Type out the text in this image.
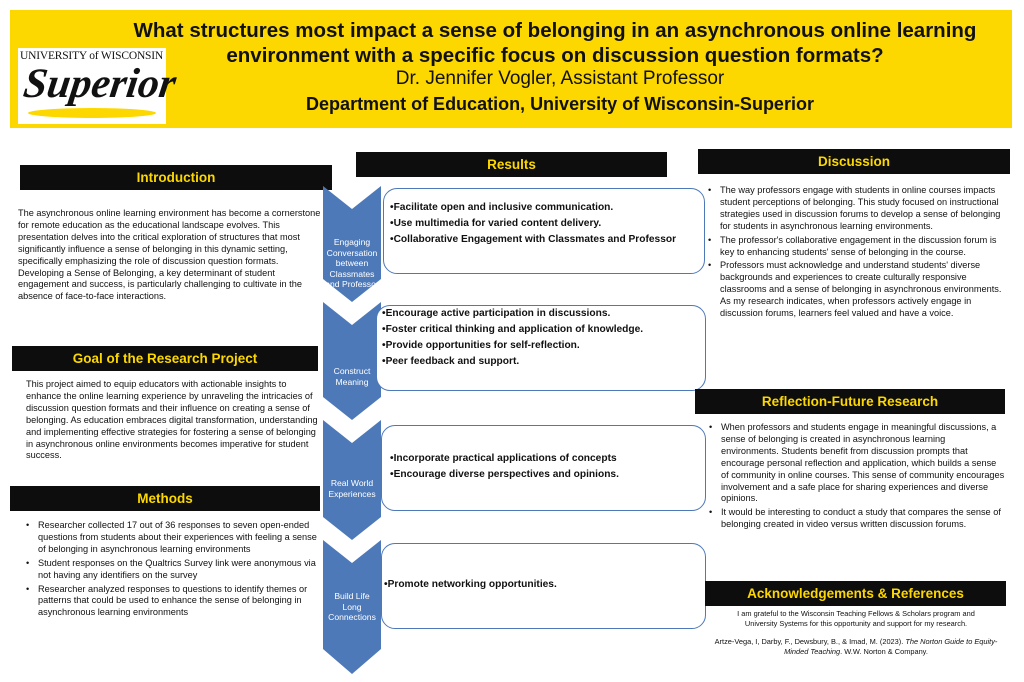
UNIVERSITY of WISCONSIN
Superior
What structures most impact a sense of belonging in an asynchronous online learning environment with a specific focus on discussion question formats?
Dr. Jennifer Vogler, Assistant Professor
Department of Education, University of Wisconsin-Superior
Introduction
The asynchronous online learning environment has become a cornerstone for remote education as the educational landscape evolves. This presentation delves into the critical exploration of structures that most significantly influence a sense of belonging in this dynamic setting, specifically emphasizing the role of discussion question formats. Developing a Sense of Belonging, a key determinant of student engagement and success, is particularly challenging to cultivate in the absence of face-to-face interactions.
Goal of the Research Project
This project aimed to equip educators with actionable insights to enhance the online learning experience by unraveling the intricacies of discussion question formats and their influence on creating a sense of belonging. As education embraces digital transformation, understanding and implementing effective strategies for fostering a sense of belonging in asynchronous online environments becomes imperative for student success.
Methods
• Researcher collected 17 out of 36 responses to seven open-ended questions from students about their experiences with feeling a sense of belonging in asynchronous learning environments
• Student responses on the Qualtrics Survey link were anonymous via not having any identifiers on the survey
• Researcher analyzed responses to questions to identify themes or patterns that could be used to enhance the sense of belonging in asynchronous learning environments
Results
Engaging Conversation between Classmates and Professor
Construct Meaning
Real World Experiences
Build Life Long Connections
• Facilitate open and inclusive communication.
• Use multimedia for varied content delivery.
• Collaborative Engagement with Classmates and Professor
• Encourage active participation in discussions.
• Foster critical thinking and application of knowledge.
• Provide opportunities for self-reflection.
• Peer feedback and support.
• Incorporate practical applications of concepts
• Encourage diverse perspectives and opinions.
• Promote networking opportunities.
Discussion
• The way professors engage with students in online courses impacts student perceptions of belonging. This study focused on instructional strategies used in discussion forums to develop a sense of belonging for students in asynchronous learning environments.
• The professor's collaborative engagement in the discussion forum is key to enhancing students' sense of belonging in the course.
• Professors must acknowledge and understand students' diverse backgrounds and experiences to create culturally responsive classrooms and a sense of belonging in asynchronous environments. As my research indicates, when professors actively engage in discussion forums, learners feel valued and have a voice.
Reflection-Future Research
• When professors and students engage in meaningful discussions, a sense of belonging is created in asynchronous learning environments. Students benefit from discussion prompts that encourage personal reflection and application, which builds a sense of community in online courses. This sense of community encourages involvement and a safe place for sharing experiences and diverse opinions.
• It would be interesting to conduct a study that compares the sense of belonging created in video versus written discussion forums.
Acknowledgements & References
I am grateful to the Wisconsin Teaching Fellows & Scholars program and University Systems for this opportunity and support for my research.
Artze-Vega, I, Darby, F., Dewsbury, B., & Imad, M. (2023). The Norton Guide to Equity-Minded Teaching. W.W. Norton & Company.
